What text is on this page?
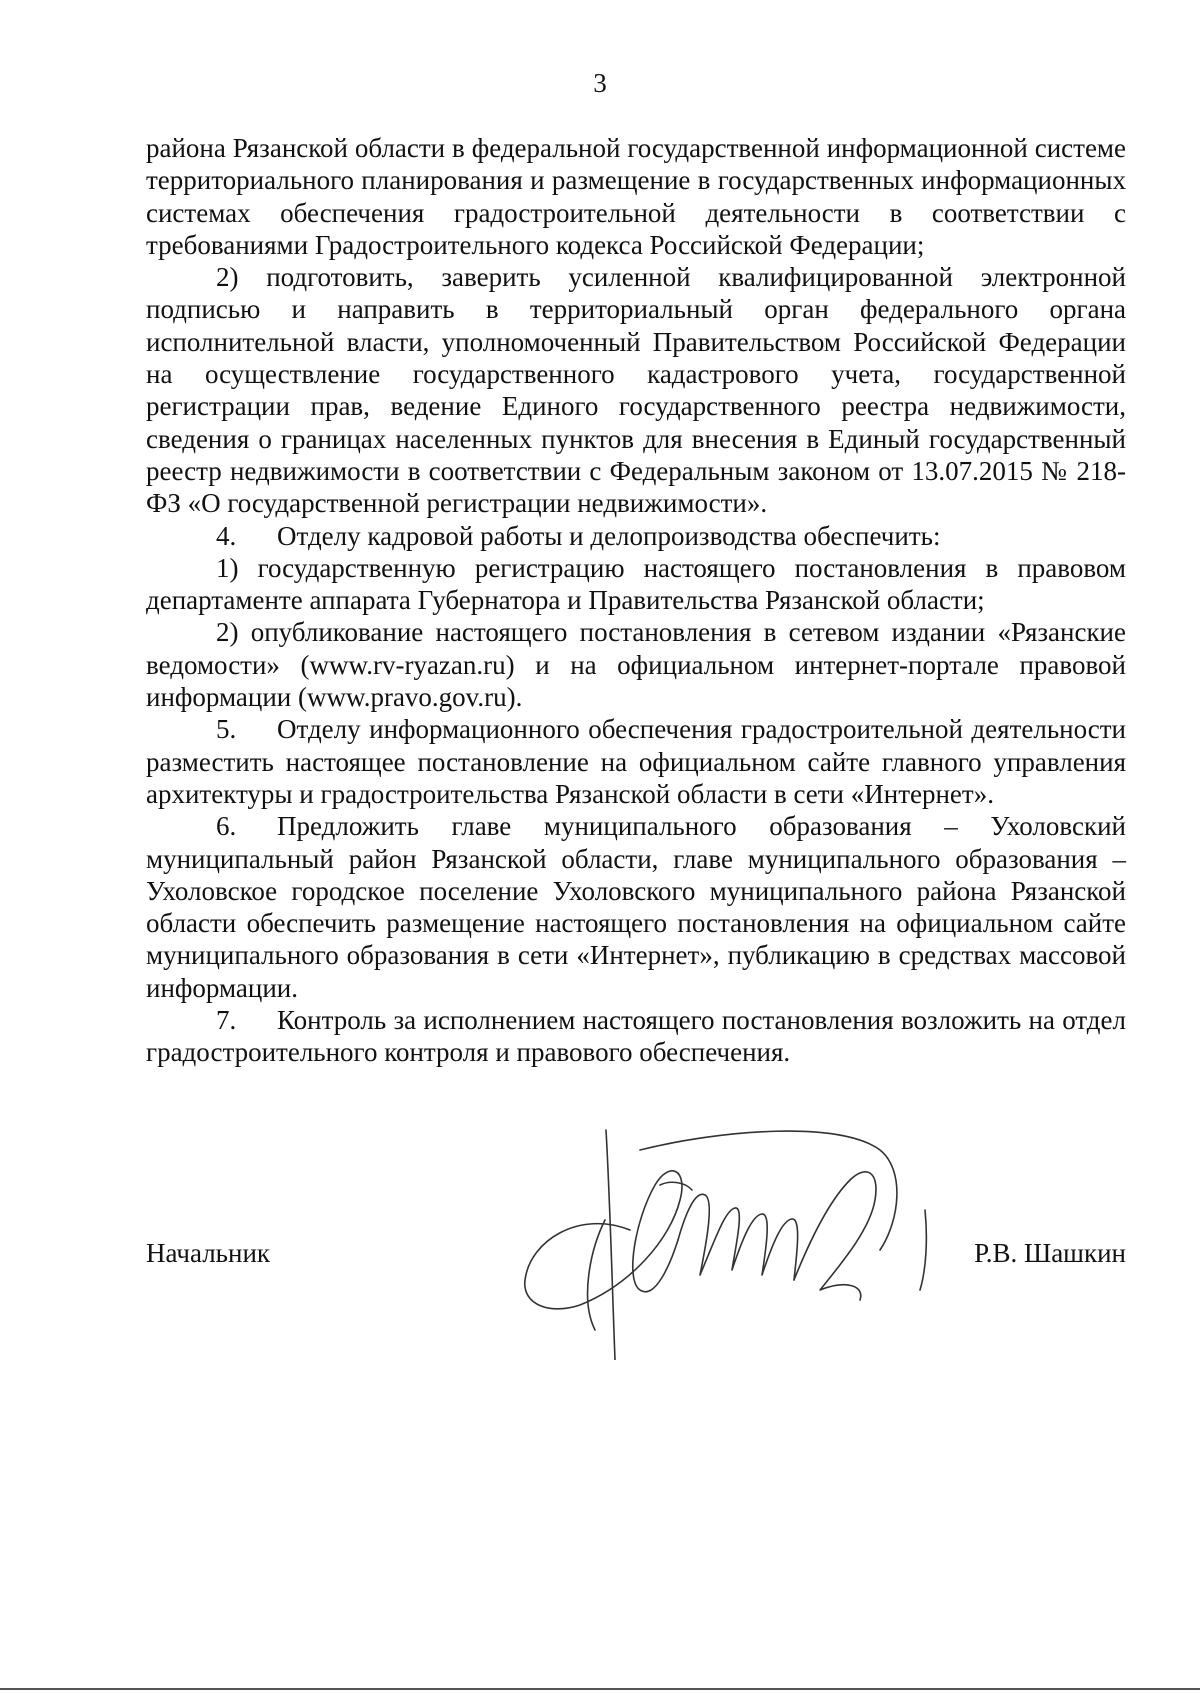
3

района Рязанской области в федеральной государственной информационной системе территориального планирования и размещение в государственных информационных системах обеспечения градостроительной деятельности в соответствии с требованиями Градостроительного кодекса Российской Федерации;

2) подготовить, заверить усиленной квалифицированной электронной подписью и направить в территориальный орган федерального органа исполнительной власти, уполномоченный Правительством Российской Федерации на осуществление государственного кадастрового учета, государственной регистрации прав, ведение Единого государственного реестра недвижимости, сведения о границах населенных пунктов для внесения в Единый государственный реестр недвижимости в соответствии с Федеральным законом от 13.07.2015 № 218-ФЗ «О государственной регистрации недвижимости».

4. Отделу кадровой работы и делопроизводства обеспечить:

1) государственную регистрацию настоящего постановления в правовом департаменте аппарата Губернатора и Правительства Рязанской области;

2) опубликование настоящего постановления в сетевом издании «Рязанские ведомости» (www.rv-ryazan.ru) и на официальном интернет-портале правовой информации (www.pravo.gov.ru).

5. Отделу информационного обеспечения градостроительной деятельности разместить настоящее постановление на официальном сайте главного управления архитектуры и градостроительства Рязанской области в сети «Интернет».

6. Предложить главе муниципального образования – Ухоловский муниципальный район Рязанской области, главе муниципального образования – Ухоловское городское поселение Ухоловского муниципального района Рязанской области обеспечить размещение настоящего постановления на официальном сайте муниципального образования в сети «Интернет», публикацию в средствах массовой информации.

7. Контроль за исполнением настоящего постановления возложить на отдел градостроительного контроля и правового обеспечения.

Начальник	Р.В. Шашкин
